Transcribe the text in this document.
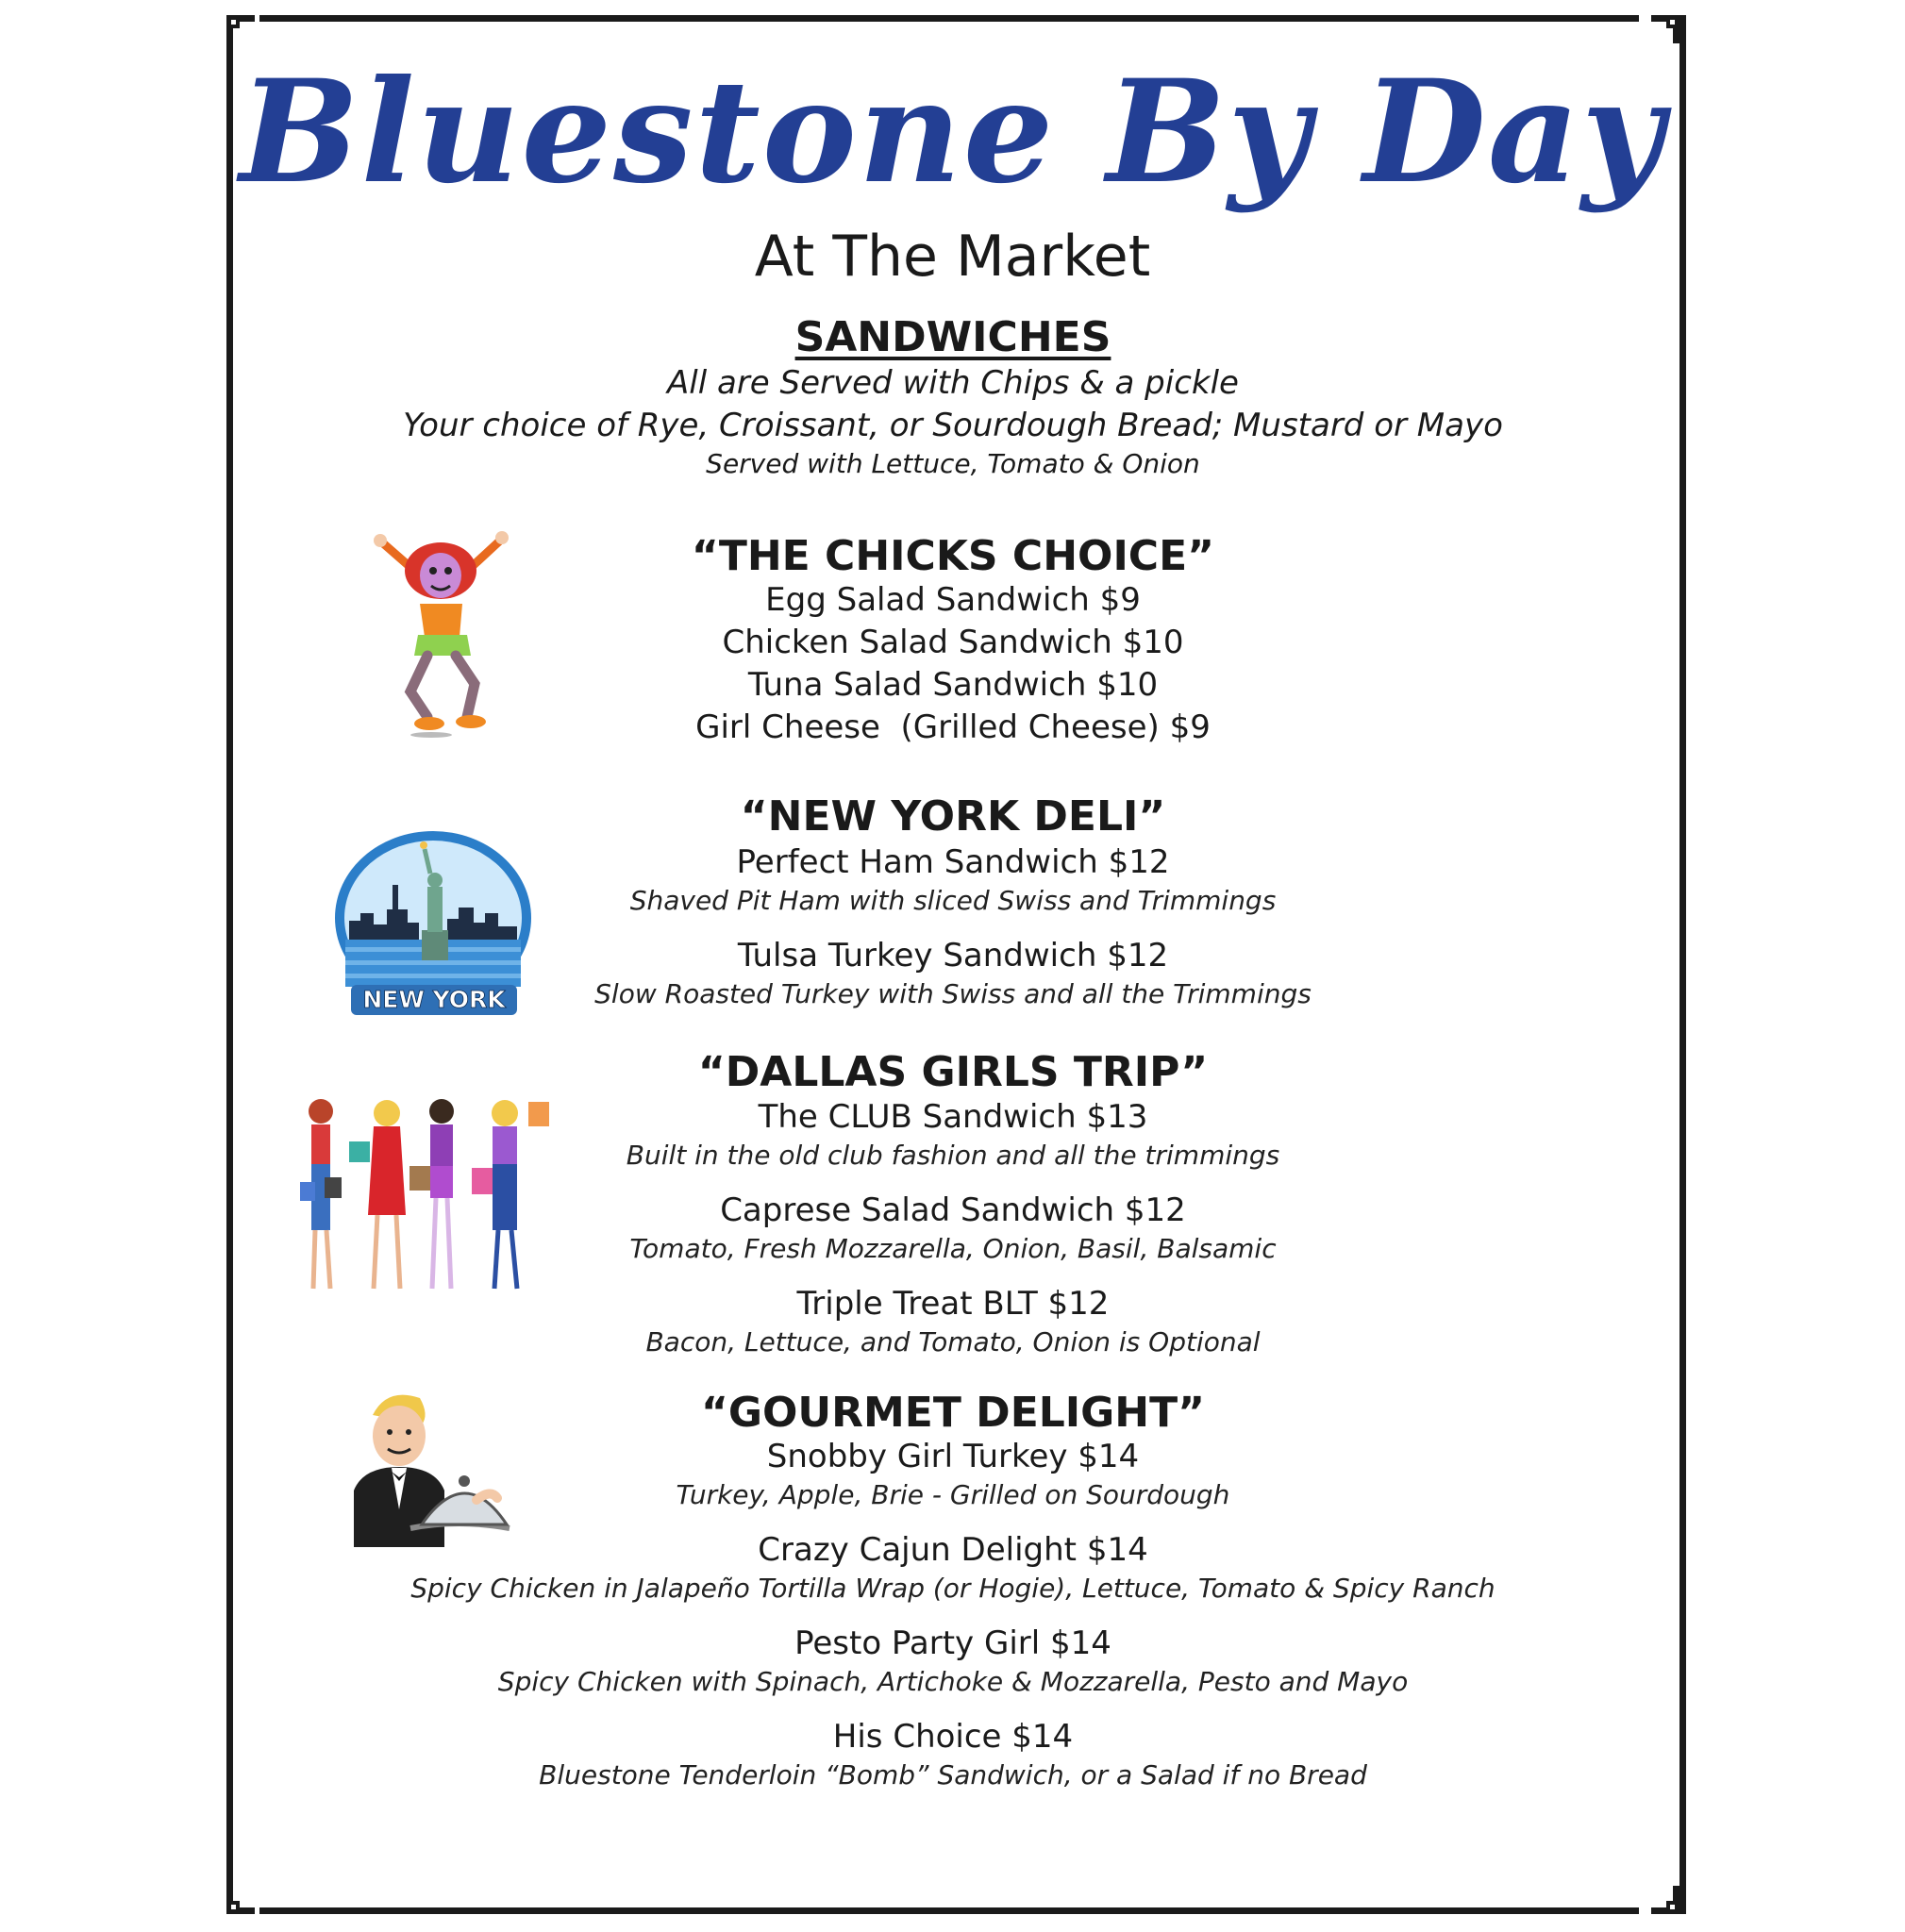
Bluestone By Day
At The Market
SANDWICHES
All are Served with Chips & a pickle
Your choice of Rye, Croissant, or Sourdough Bread; Mustard or Mayo
Served with Lettuce, Tomato & Onion
“THE CHICKS CHOICE”
Egg Salad Sandwich $9
Chicken Salad Sandwich $10
Tuna Salad Sandwich $10
Girl Cheese  (Grilled Cheese) $9
“NEW YORK DELI”
Perfect Ham Sandwich $12
Shaved Pit Ham with sliced Swiss and Trimmings
Tulsa Turkey Sandwich $12
Slow Roasted Turkey with Swiss and all the Trimmings
NEW YORK
“DALLAS GIRLS TRIP”
The CLUB Sandwich $13
Built in the old club fashion and all the trimmings
Caprese Salad Sandwich $12
Tomato, Fresh Mozzarella, Onion, Basil, Balsamic
Triple Treat BLT $12
Bacon, Lettuce, and Tomato, Onion is Optional
“GOURMET DELIGHT”
Snobby Girl Turkey $14
Turkey, Apple, Brie - Grilled on Sourdough
Crazy Cajun Delight $14
Spicy Chicken in Jalapeño Tortilla Wrap (or Hogie), Lettuce, Tomato & Spicy Ranch
Pesto Party Girl $14
Spicy Chicken with Spinach, Artichoke & Mozzarella, Pesto and Mayo
His Choice $14
Bluestone Tenderloin “Bomb” Sandwich, or a Salad if no Bread
